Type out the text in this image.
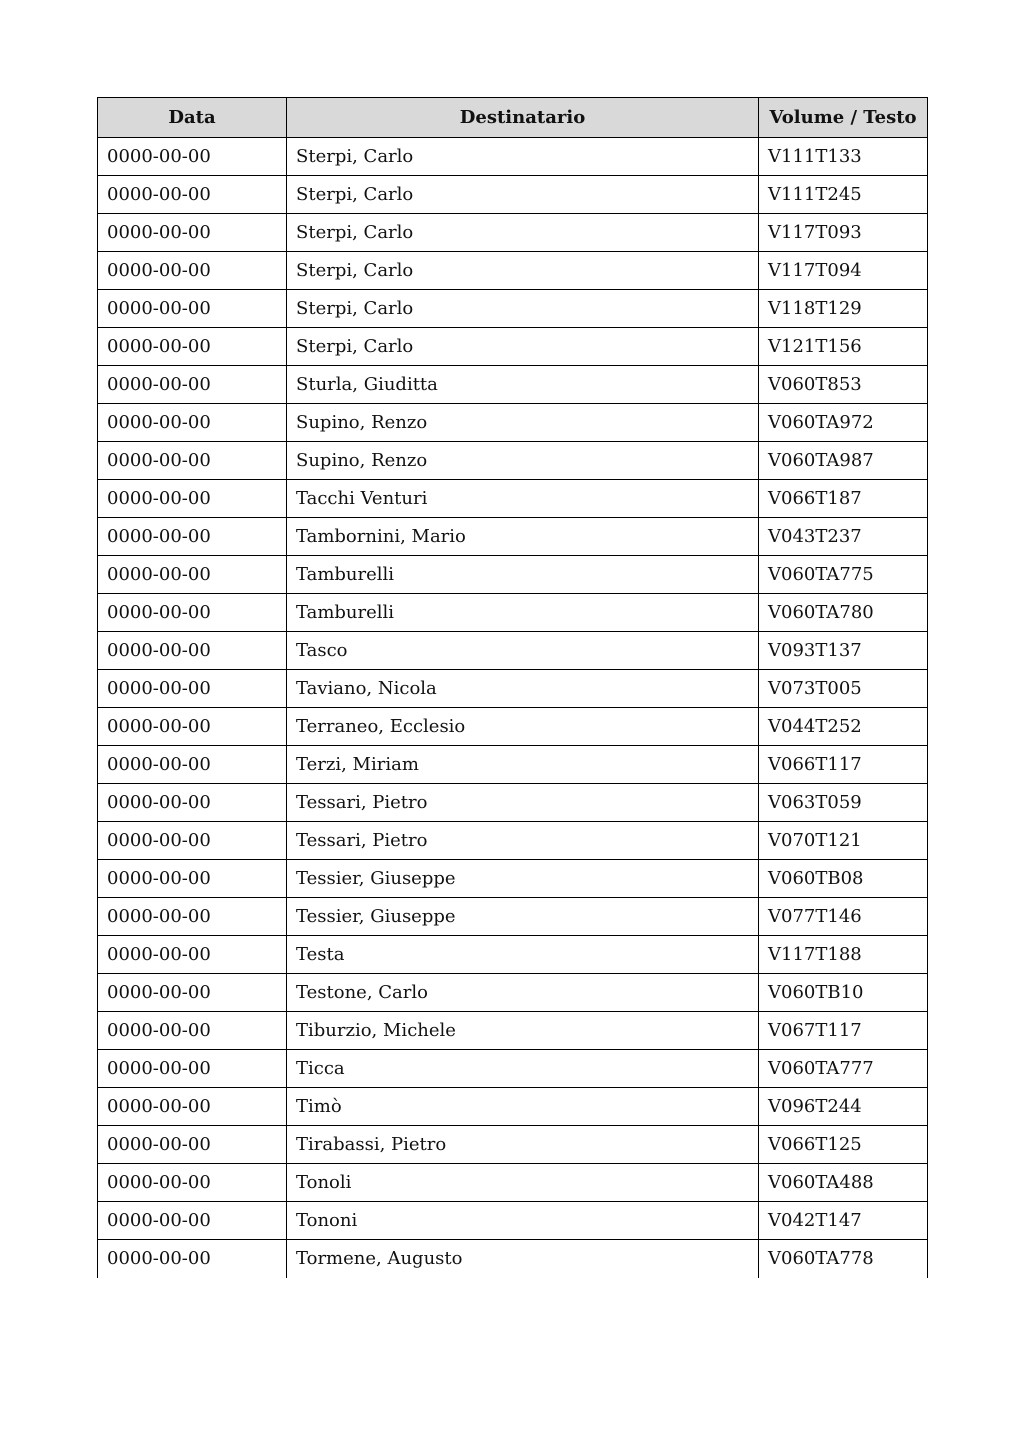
Data	Destinatario	Volume / Testo
0000-00-00	Sterpi, Carlo	V111T133
0000-00-00	Sterpi, Carlo	V111T245
0000-00-00	Sterpi, Carlo	V117T093
0000-00-00	Sterpi, Carlo	V117T094
0000-00-00	Sterpi, Carlo	V118T129
0000-00-00	Sterpi, Carlo	V121T156
0000-00-00	Sturla, Giuditta	V060T853
0000-00-00	Supino, Renzo	V060TA972
0000-00-00	Supino, Renzo	V060TA987
0000-00-00	Tacchi Venturi	V066T187
0000-00-00	Tambornini, Mario	V043T237
0000-00-00	Tamburelli	V060TA775
0000-00-00	Tamburelli	V060TA780
0000-00-00	Tasco	V093T137
0000-00-00	Taviano, Nicola	V073T005
0000-00-00	Terraneo, Ecclesio	V044T252
0000-00-00	Terzi, Miriam	V066T117
0000-00-00	Tessari, Pietro	V063T059
0000-00-00	Tessari, Pietro	V070T121
0000-00-00	Tessier, Giuseppe	V060TB08
0000-00-00	Tessier, Giuseppe	V077T146
0000-00-00	Testa	V117T188
0000-00-00	Testone, Carlo	V060TB10
0000-00-00	Tiburzio, Michele	V067T117
0000-00-00	Ticca	V060TA777
0000-00-00	Timò	V096T244
0000-00-00	Tirabassi, Pietro	V066T125
0000-00-00	Tonoli	V060TA488
0000-00-00	Tononi	V042T147
0000-00-00	Tormene, Augusto	V060TA778
